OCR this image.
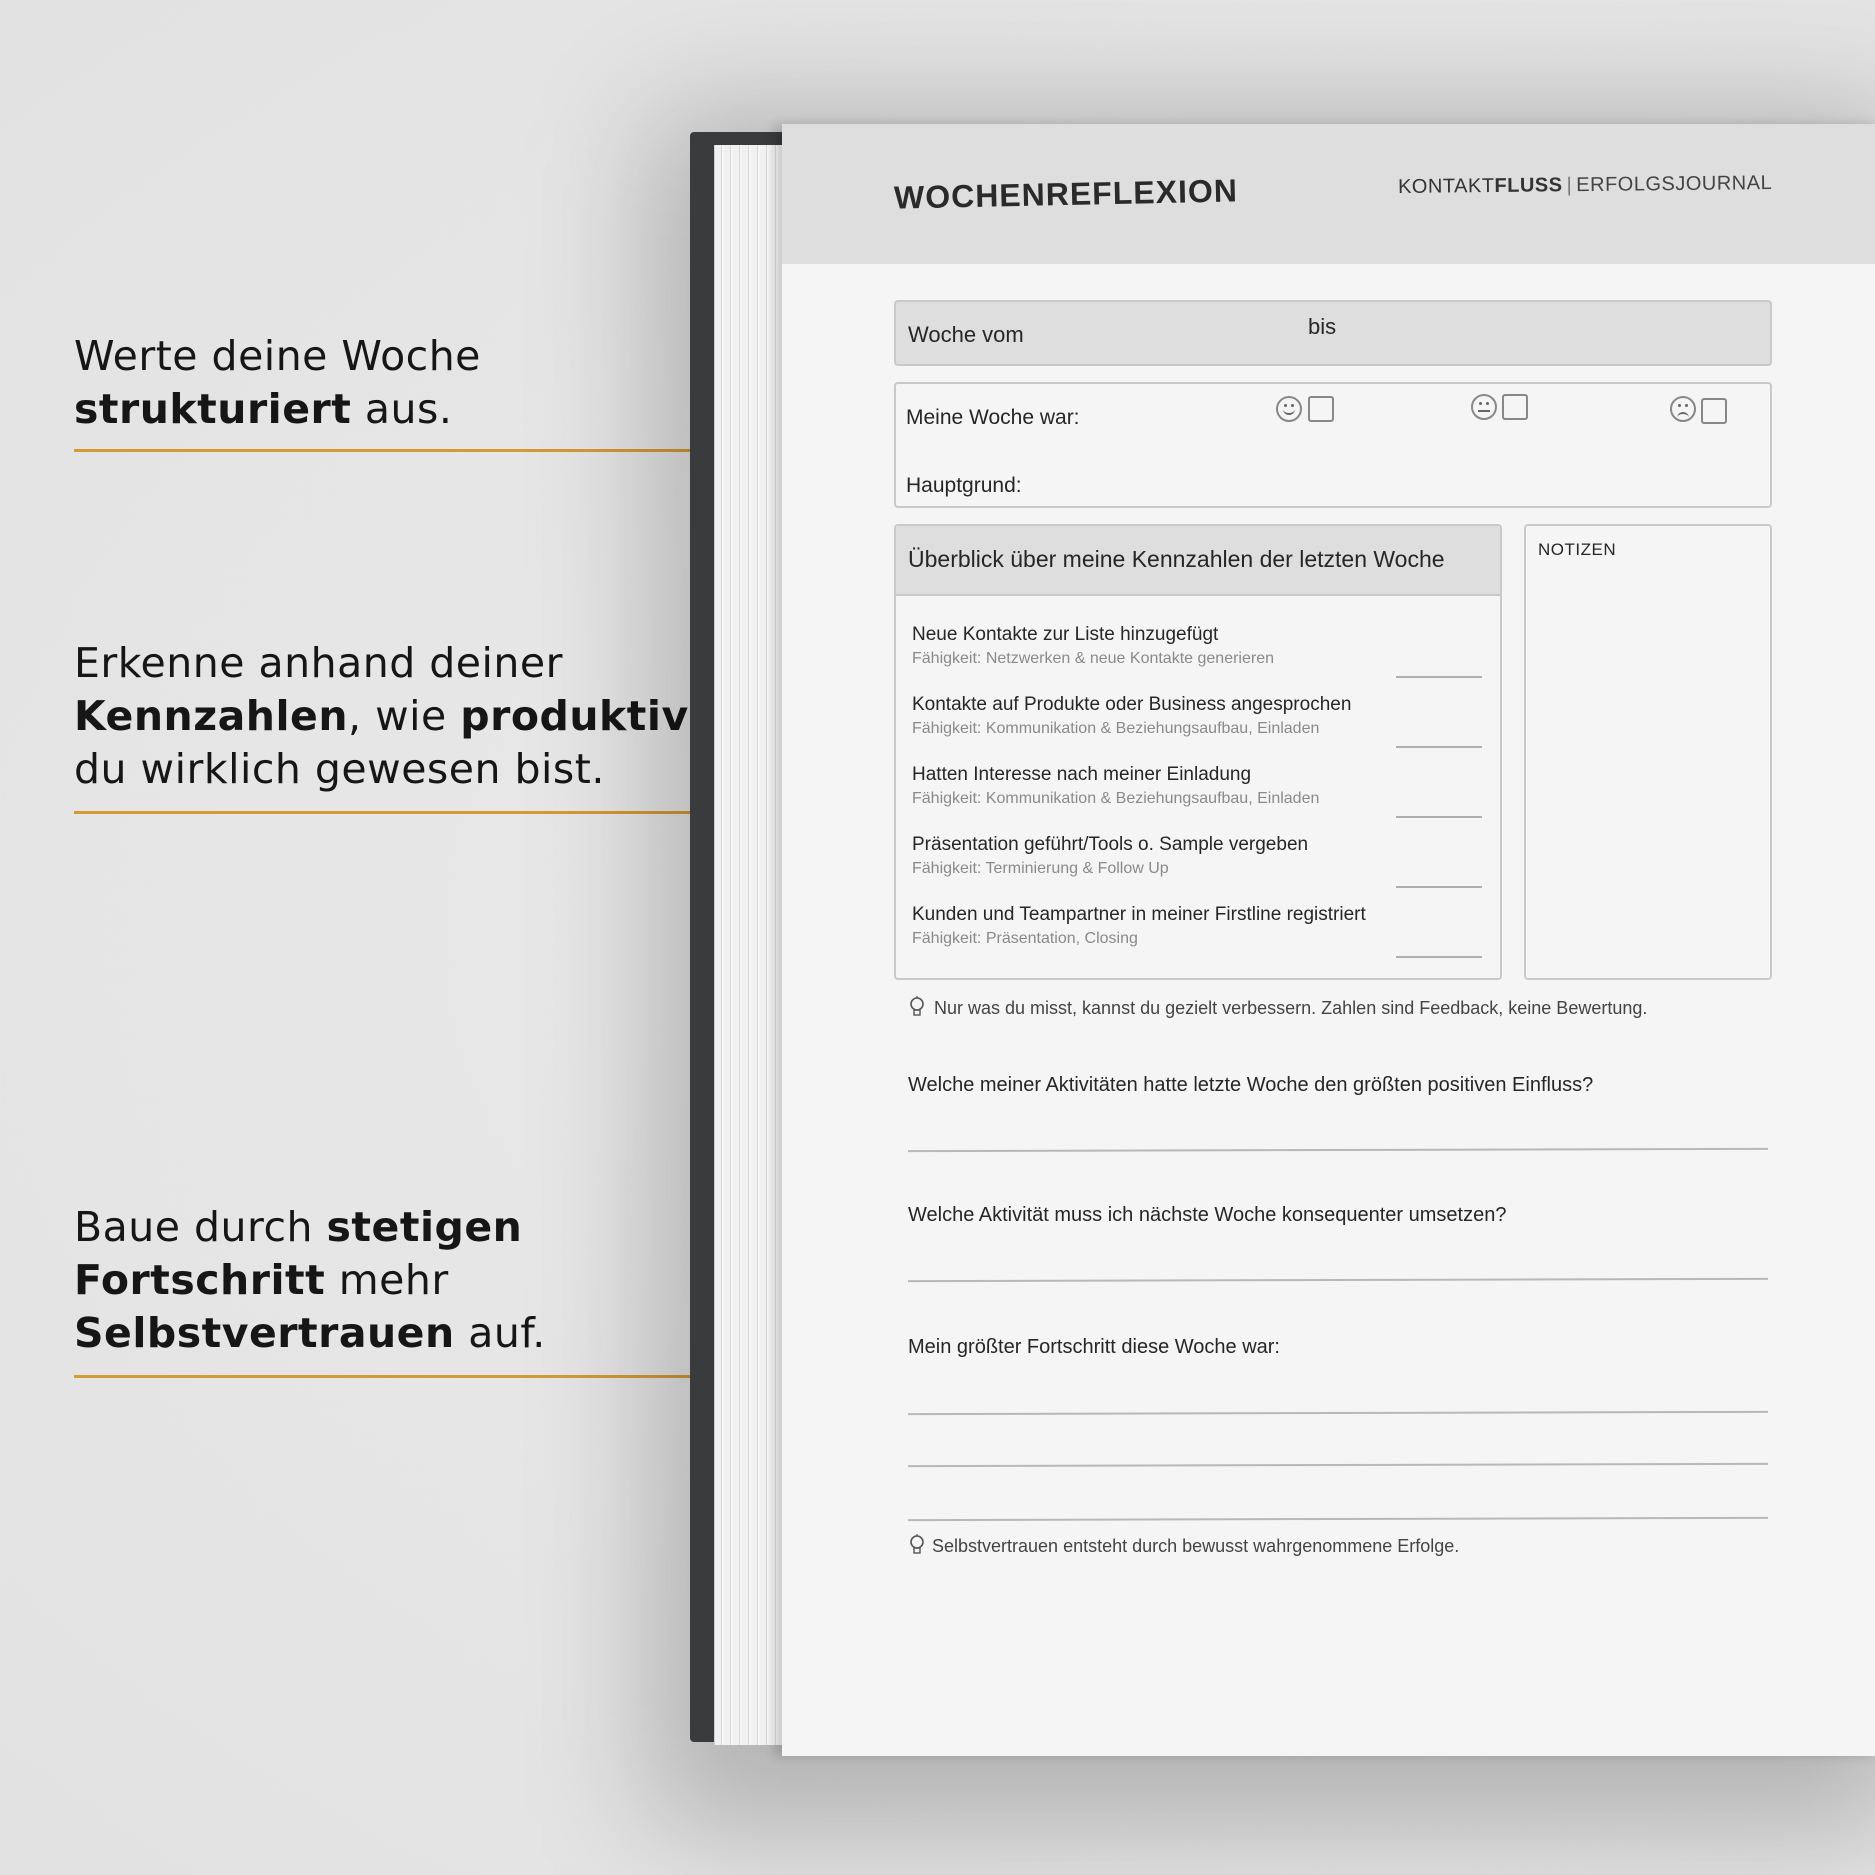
Werte deine Woche
strukturiert aus.

Erkenne anhand deiner
Kennzahlen, wie produktiv
du wirklich gewesen bist.

Baue durch stetigen
Fortschritt mehr
Selbstvertrauen auf.

WOCHENREFLEXION	KONTAKTFLUSS | ERFOLGSJOURNAL
Woche vom	bis
Meine Woche war:
Hauptgrund:
Überblick über meine Kennzahlen der letzten Woche
Neue Kontakte zur Liste hinzugefügt
Fähigkeit: Netzwerken & neue Kontakte generieren
Kontakte auf Produkte oder Business angesprochen
Fähigkeit: Kommunikation & Beziehungsaufbau, Einladen
Hatten Interesse nach meiner Einladung
Fähigkeit: Kommunikation & Beziehungsaufbau, Einladen
Präsentation geführt/Tools o. Sample vergeben
Fähigkeit: Terminierung & Follow Up
Kunden und Teampartner in meiner Firstline registriert
Fähigkeit: Präsentation, Closing
NOTIZEN
Nur was du misst, kannst du gezielt verbessern. Zahlen sind Feedback, keine Bewertung.
Welche meiner Aktivitäten hatte letzte Woche den größten positiven Einfluss?
Welche Aktivität muss ich nächste Woche konsequenter umsetzen?
Mein größter Fortschritt diese Woche war:
Selbstvertrauen entsteht durch bewusst wahrgenommene Erfolge.
